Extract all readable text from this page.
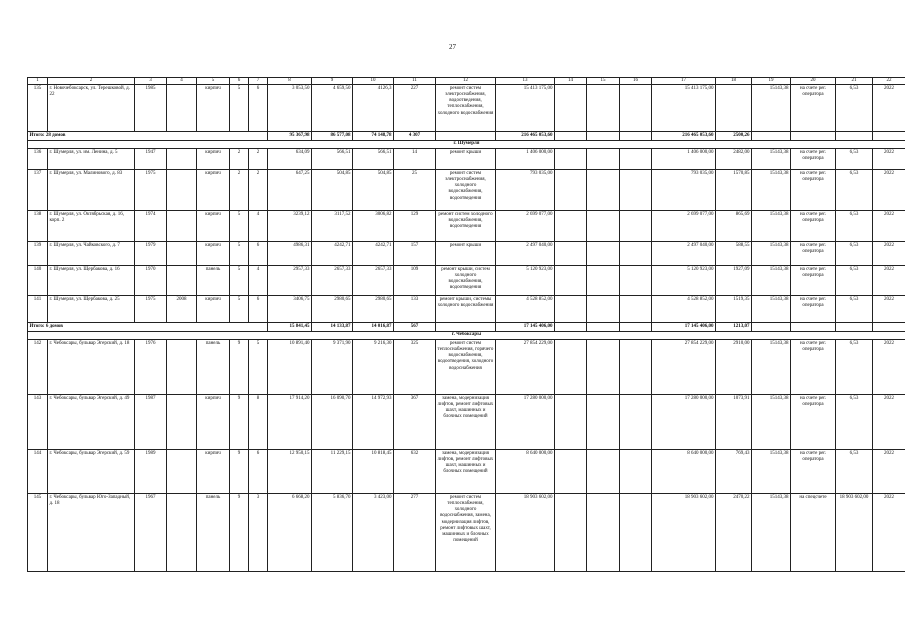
27
1	2	3	4	5	6	7	8	9	10	11	12	13	14	15	16	17	18	19	20	21	22
135	г. Новочебоксарск, ул. Терешковой, д. 22	1985		кирпич	5	6	3 053,50	4 659,50	4126,3	227	ремонт систем электроснабжения, водоотведения, теплоснабжения, холодного водоснабжения	15 413 175,00				15 413 175,00		15143,38	на счете рег. оператора	6,53	2022
Итого: 28 домов							95 367,98	86 577,08	74 148,78	4 307		216 465 053,60				216 465 053,60	2500,26				
г. Шумерля																					
136	г. Шумерля, ул. им. Ленина, д. 5	1947		кирпич	2	2	634,09	566,51	566,51	14	ремонт крыши	1 406 000,00				1 406 000,00	2482,00	15143,38	на счете рег. оператора	6,53	2022
137	г. Шумерля, ул. Малинового, д. 83	1975		кирпич	2	2	647,25	504,85	504,85	25	ремонт систем электроснабжения, холодного водоснабжения, водоотведения	793 035,00				793 035,00	1570,85	15143,38	на счете рег. оператора	6,53	2022
138	г. Шумерля, ул. Октябрьская, д. 16, корп. 2	1974		кирпич	5	4	3239,12	3117,52	3006,82	129	ремонт систем холодного водоснабжения, водоотведения	2 699 077,00				2 699 077,00	865,69	15143,38	на счете рег. оператора	6,53	2022
139	г. Шумерля, ул. Чайковского, д. 7	1979		кирпич	5	6	4986,31	4242,71	4242,71	157	ремонт крыши	2 497 040,00				2 497 040,00	588,55	15143,38	на счете рег. оператора	6,53	2022
140	г. Шумерля, ул. Щербакова, д. 16	1970		панель	5	4	2957,33	2657,33	2657,33	109	ремонт крыши, систем холодного водоснабжения, водоотведения	5 120 923,00				5 120 923,00	1927,09	15143,38	на счете рег. оператора	6,53	2022
141	г. Шумерля, ул. Щербакова, д. 25	1975	2008	кирпич	5	6	3406,75	2980,65	2980,65	133	ремонт крыши, системы холодного водоснабжения	4 528 852,00				4 528 852,00	1519,35	15143,38	на счете рег. оператора	6,53	2022
Итого: 6 домов							15 841,45	14 133,87	14 016,87	567		17 145 406,00				17 145 406,00	1213,07				
г. Чебоксары																					
142	г. Чебоксары, бульвар Эгерский, д. 18	1976		панель	9	5	10 891,40	9 371,90	9 216,30	325	ремонт систем теплоснабжения, горячего водоснабжения, водоотведения, холодного водоснабжения	27 854 229,00				27 854 229,00	2910,00	15143,38	на счете рег. оператора	6,53	2022
143	г. Чебоксары, бульвар Эгерский, д. 49	1987		кирпич	9	8	17 914,20	16 090,70	14 972,93	367	замена, модернизация лифтов, ремонт лифтовых шахт, машинных и блочных помещений	17 280 000,00				17 280 000,00	1073,91	15143,38	на счете рег. оператора	6,53	2022
144	г. Чебоксары, бульвар Эгерский, д. 59	1989		кирпич	9	6	12 950,15	11 229,15	10 818,45	632	замена, модернизация лифтов, ремонт лифтовых шахт, машинных и блочных помещений	8 640 000,00				8 640 000,00	769,43	15143,38	на счете рег. оператора	6,53	2022
145	г. Чебоксары, бульвар Юго-Западный, д. 18	1967		панель	9	3	6 668,20	5 836,70	3 423,00	277	ремонт систем теплоснабжения, холодного водоснабжения, замена, модернизация лифтов, ремонт лифтовых шахт, машинных и блочных помещений	18 903 602,00				18 903 602,00	2470,22	15143,38	на спецсчете	18 903 602,00	2022
